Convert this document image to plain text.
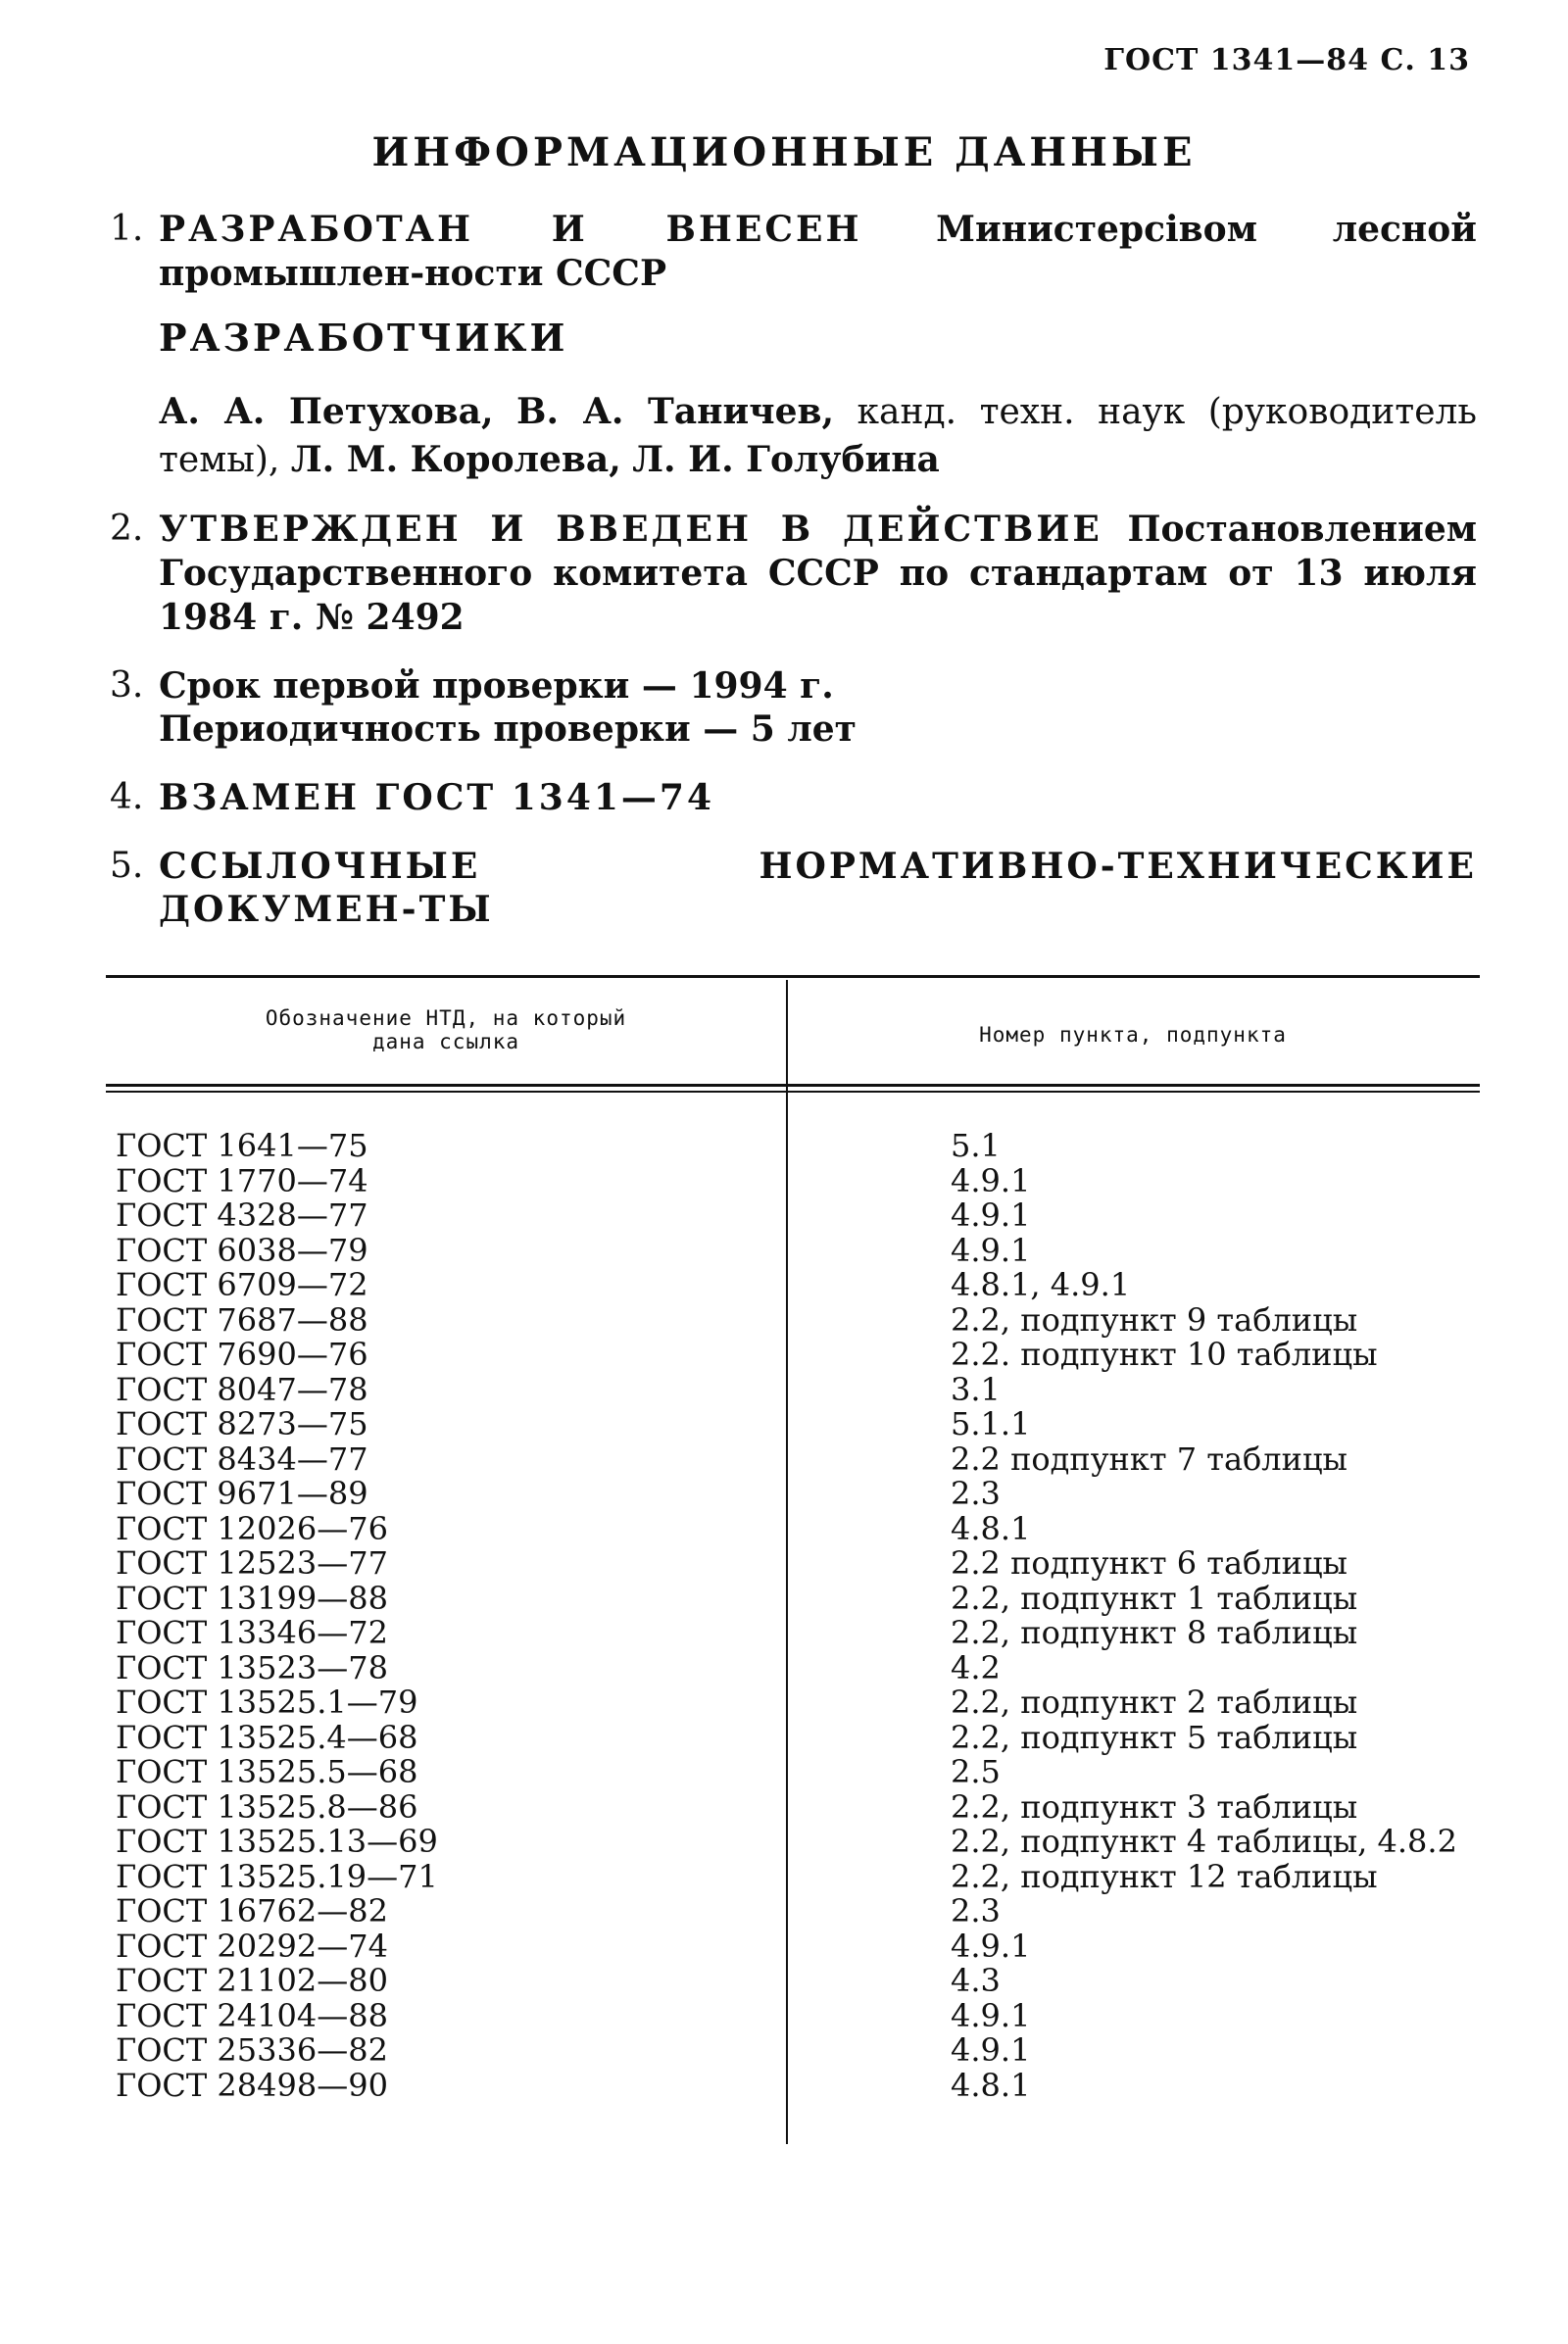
ГОСТ 1341—84 С. 13
ИНФОРМАЦИОННЫЕ ДАННЫЕ
1. РАЗРАБОТАН И ВНЕСЕН Министерсівом лесной промышлен-ности СССР
РАЗРАБОТЧИКИ
А. А. Петухова, В. А. Таничев, канд. техн. наук (руководитель темы), Л. М. Королева, Л. И. Голубина
2. УТВЕРЖДЕН И ВВЕДЕН В ДЕЙСТВИЕ Постановлением Государственного комитета СССР по стандартам от 13 июля 1984 г. № 2492
3. Срок первой проверки — 1994 г.
Периодичность проверки — 5 лет
4. ВЗАМЕН ГОСТ 1341—74
5. ССЫЛОЧНЫЕ НОРМАТИВНО-ТЕХНИЧЕСКИЕ ДОКУМЕН-ТЫ
Обозначение НТД, на который
дана ссылка	Номер пункта, подпункта
ГОСТ 1641—75	5.1
ГОСТ 1770—74	4.9.1
ГОСТ 4328—77	4.9.1
ГОСТ 6038—79	4.9.1
ГОСТ 6709—72	4.8.1, 4.9.1
ГОСТ 7687—88	2.2, подпункт 9 таблицы
ГОСТ 7690—76	2.2. подпункт 10 таблицы
ГОСТ 8047—78	3.1
ГОСТ 8273—75	5.1.1
ГОСТ 8434—77	2.2 подпункт 7 таблицы
ГОСТ 9671—89	2.3
ГОСТ 12026—76	4.8.1
ГОСТ 12523—77	2.2 подпункт 6 таблицы
ГОСТ 13199—88	2.2, подпункт 1 таблицы
ГОСТ 13346—72	2.2, подпункт 8 таблицы
ГОСТ 13523—78	4.2
ГОСТ 13525.1—79	2.2, подпункт 2 таблицы
ГОСТ 13525.4—68	2.2, подпункт 5 таблицы
ГОСТ 13525.5—68	2.5
ГОСТ 13525.8—86	2.2, подпункт 3 таблицы
ГОСТ 13525.13—69	2.2, подпункт 4 таблицы, 4.8.2
ГОСТ 13525.19—71	2.2, подпункт 12 таблицы
ГОСТ 16762—82	2.3
ГОСТ 20292—74	4.9.1
ГОСТ 21102—80	4.3
ГОСТ 24104—88	4.9.1
ГОСТ 25336—82	4.9.1
ГОСТ 28498—90	4.8.1
